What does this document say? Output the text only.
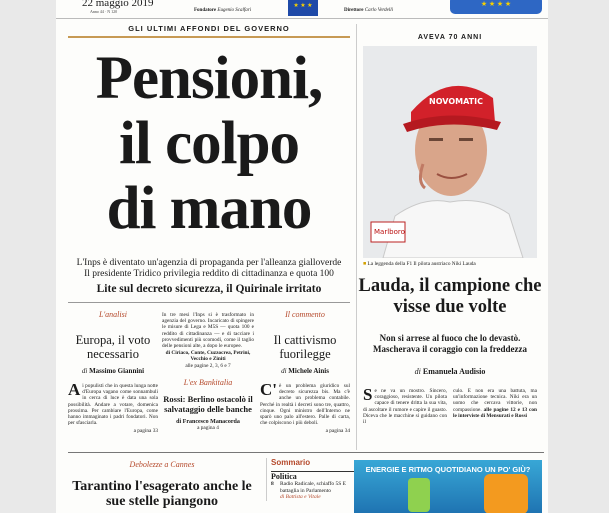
22 maggio 2019
Anno 44 · N 120	Fondatore Eugenio Scalfari
★ ★ ★
Direttore Carlo Verdelli
★ ★ ★ ★
GLI ULTIMI AFFONDI DEL GOVERNO
Pensioni,
il colpo
di mano
L'Inps è diventato un'agenzia di propaganda per l'alleanza gialloverde
Il presidente Tridico privilegia reddito di cittadinanza e quota 100
Lite sul decreto sicurezza, il Quirinale irritato
L'analisi
Europa, il voto necessario
di Massimo Giannini
Ai populisti che in questa lunga notte d'Europa vagano come sonnambuli in cerca di luce è data una sola possibilità. Andare a votare, domenica prossima. Per cambiare l'Europa, come hanno immaginato i padri fondatori. Non per sfasciarla.
a pagina 33
In tre mesi l'Inps si è trasformato in agenzia del governo. Incaricato di spingere le misure di Lega e M5S — quota 100 e reddito di cittadinanza — e di tacciare i provvedimenti più scomodi, come il taglio delle pensioni alte, a dopo le europee.
di Ciriaco, Conte, Cuzzocrea, Petrini, Vecchio e Ziniti
alle pagine 2, 3, 6 e 7
L'ex Bankitalia
Rossi: Berlino ostacolò il salvataggio delle banche
di Francesco Manacorda
a pagina 4
Il commento
Il cattivismo fuorilegge
di Michele Ainis
C' è un problema giuridico sul decreto sicurezza bis. Ma c'è anche un problema contabile. Perché in realtà i decreti sono tre, quattro, cinque. Ogni ministro dell'Interno ne sparò uno palo all'estero. Palle di carta, che colpiscono i più deboli.
a pagina 34
AVEVA 70 ANNI
Marlboro
NOVOMATIC
■ La leggenda della F1 Il pilota austriaco Niki Lauda
Lauda, il campione che visse due volte
Non si arrese al fuoco che lo devastò. Mascherava il coraggio con la freddezza
di Emanuela Audisio
Se ne va un mostro. Sincero, coraggioso, resistente. Un pilota capace di tenere dritta la sua vita, di ascoltare il rumore e capire il guasto. Diceva che le macchine si guidano con il
culo. E non era una battuta, ma un'informazione tecnica. Niki era un uomo che cercava vittorie, non compassione. alle pagine 12 e 13 con le interviste di Mensurati e Rossi
Debolezze a Cannes
Tarantino l'esagerato anche le sue stelle piangono
Sommario
Politica
8 Radio Radicale, schiaffo 5S E battaglia in Parlamento
di Battista e Vitale
ENERGIE E RITMO QUOTIDIANO UN PO' GIÙ?
